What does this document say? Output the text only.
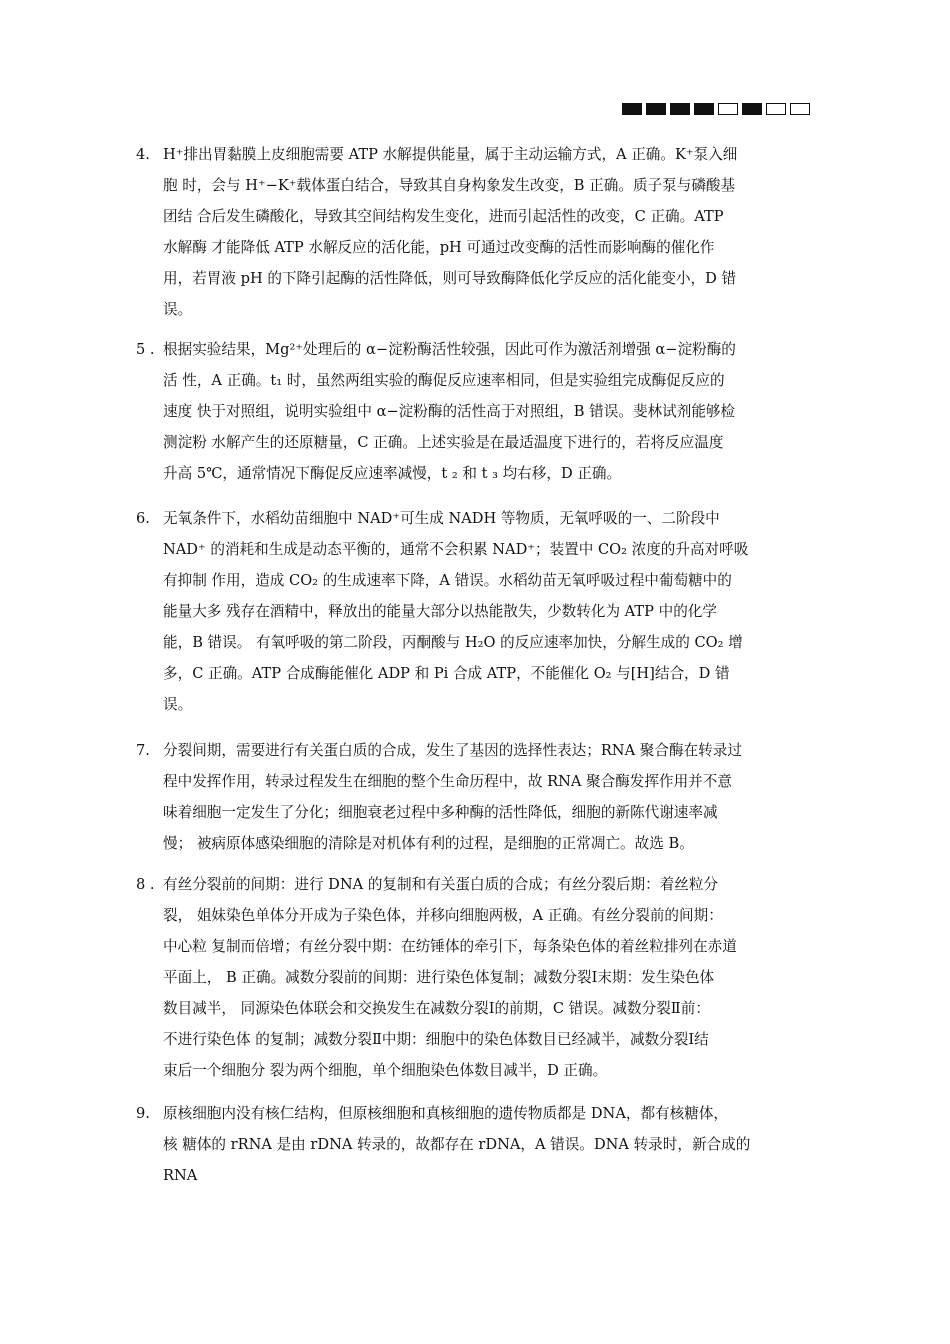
4. H⁺排出胃黏膜上皮细胞需要 ATP 水解提供能量，属于主动运输方式，A 正确。K⁺泵入细
胞 时，会与 H⁺−K⁺载体蛋白结合，导致其自身构象发生改变，B 正确。质子泵与磷酸基
团结 合后发生磷酸化，导致其空间结构发生变化，进而引起活性的改变，C 正确。ATP
水解酶 才能降低 ATP 水解反应的活化能，pH 可通过改变酶的活性而影响酶的催化作
用，若胃液 pH 的下降引起酶的活性降低，则可导致酶降低化学反应的活化能变小，D 错
误。
5 . 根据实验结果，Mg²⁺处理后的 α−淀粉酶活性较强，因此可作为激活剂增强 α−淀粉酶的
活 性，A 正确。t₁ 时，虽然两组实验的酶促反应速率相同，但是实验组完成酶促反应的
速度 快于对照组，说明实验组中 α−淀粉酶的活性高于对照组，B 错误。斐林试剂能够检
测淀粉 水解产生的还原糖量，C 正确。上述实验是在最适温度下进行的，若将反应温度
升高 5℃，通常情况下酶促反应速率减慢，t ₂ 和 t ₃ 均右移，D 正确。
6. 无氧条件下，水稻幼苗细胞中 NAD⁺可生成 NADH 等物质，无氧呼吸的一、二阶段中
NAD⁺ 的消耗和生成是动态平衡的，通常不会积累 NAD⁺；装置中 CO₂ 浓度的升高对呼吸
有抑制 作用，造成 CO₂ 的生成速率下降，A 错误。水稻幼苗无氧呼吸过程中葡萄糖中的
能量大多 残存在酒精中，释放出的能量大部分以热能散失，少数转化为 ATP 中的化学
能，B 错误。 有氧呼吸的第二阶段，丙酮酸与 H₂O 的反应速率加快，分解生成的 CO₂ 增
多，C 正确。ATP 合成酶能催化 ADP 和 Pi 合成 ATP，不能催化 O₂ 与[H]结合，D 错
误。
7. 分裂间期，需要进行有关蛋白质的合成，发生了基因的选择性表达；RNA 聚合酶在转录过
程中发挥作用，转录过程发生在细胞的整个生命历程中，故 RNA 聚合酶发挥作用并不意
味着细胞一定发生了分化；细胞衰老过程中多种酶的活性降低，细胞的新陈代谢速率减
慢； 被病原体感染细胞的清除是对机体有利的过程，是细胞的正常凋亡。故选 B。
8 . 有丝分裂前的间期：进行 DNA 的复制和有关蛋白质的合成；有丝分裂后期：着丝粒分
裂， 姐妹染色单体分开成为子染色体，并移向细胞两极，A 正确。有丝分裂前的间期：
中心粒 复制而倍增；有丝分裂中期：在纺锤体的牵引下，每条染色体的着丝粒排列在赤道
平面上， B 正确。减数分裂前的间期：进行染色体复制；减数分裂Ⅰ末期：发生染色体
数目减半， 同源染色体联会和交换发生在减数分裂Ⅰ的前期，C 错误。减数分裂Ⅱ前：
不进行染色体 的复制；减数分裂Ⅱ中期：细胞中的染色体数目已经减半，减数分裂Ⅰ结
束后一个细胞分 裂为两个细胞，单个细胞染色体数目减半，D 正确。
9. 原核细胞内没有核仁结构，但原核细胞和真核细胞的遗传物质都是 DNA，都有核糖体，
核 糖体的 rRNA 是由 rDNA 转录的，故都存在 rDNA，A 错误。DNA 转录时，新合成的
RNA
